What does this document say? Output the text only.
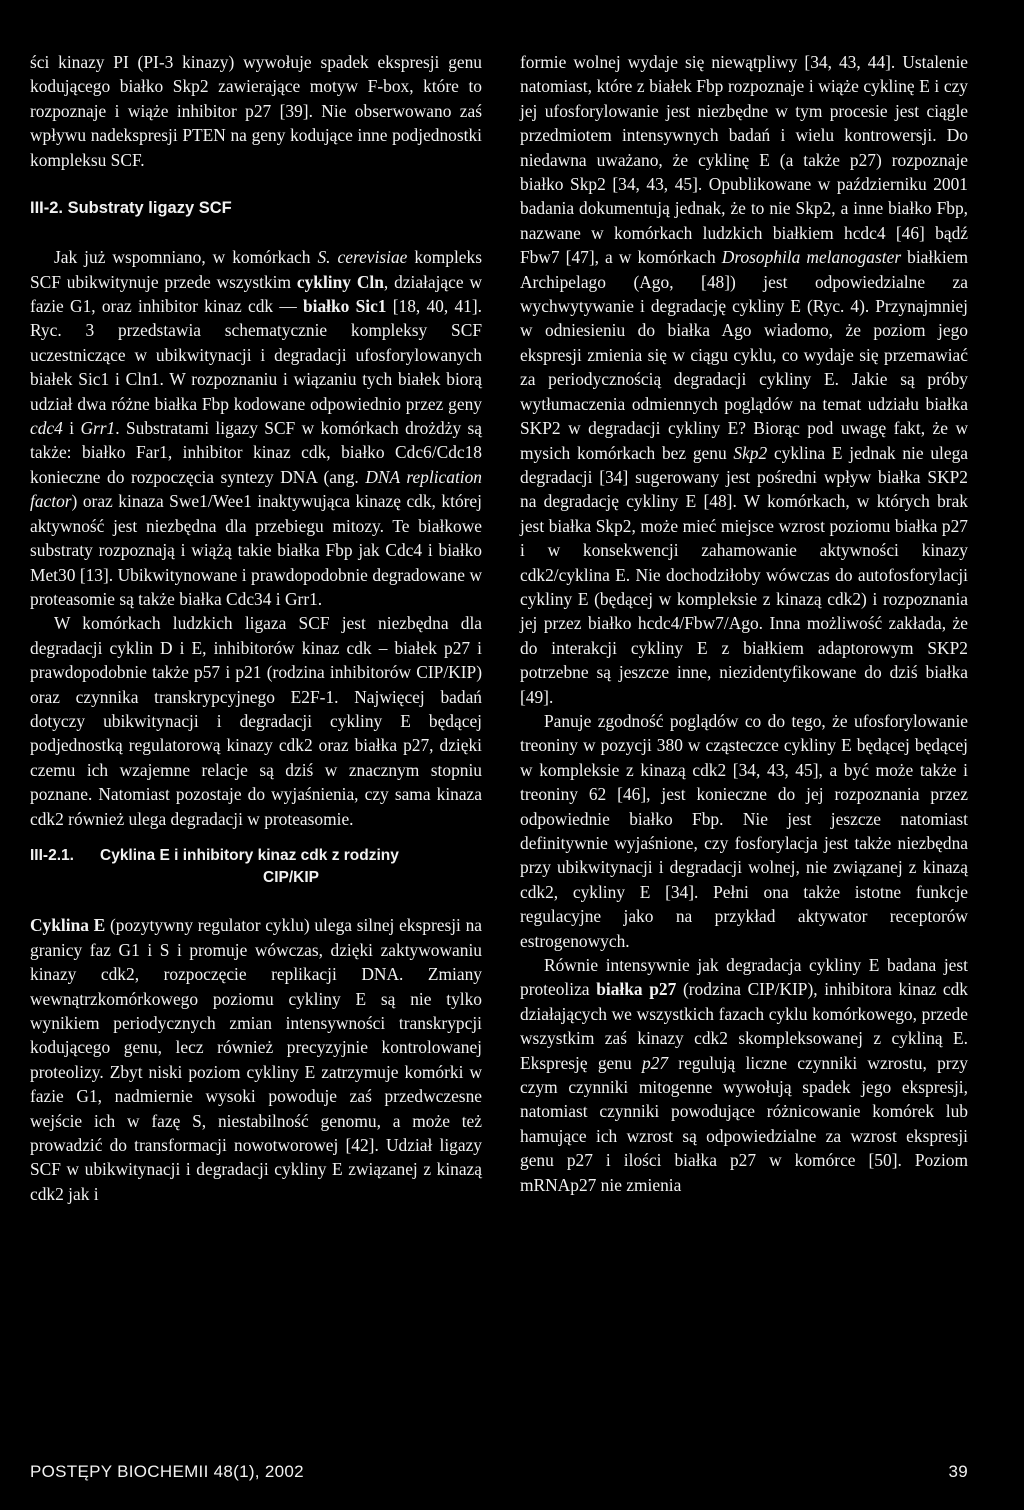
ści kinazy PI (PI-3 kinazy) wywołuje spadek ekspresji genu kodującego białko Skp2 zawierające motyw F-box, które to rozpoznaje i wiąże inhibitor p27 [39]. Nie obserwowano zaś wpływu nadekspresji PTEN na geny kodujące inne podjednostki kompleksu SCF.

III-2. Substraty ligazy SCF

Jak już wspomniano, w komórkach S. cerevisiae kompleks SCF ubikwitynuje przede wszystkim cykliny Cln, działające w fazie G1, oraz inhibitor kinaz cdk — białko Sic1 [18, 40, 41]. Ryc. 3 przedstawia schematycznie kompleksy SCF uczestniczące w ubikwitynacji i degradacji ufosforylowanych białek Sic1 i Cln1. W rozpoznaniu i wiązaniu tych białek biorą udział dwa różne białka Fbp kodowane odpowiednio przez geny cdc4 i Grr1. Substratami ligazy SCF w komórkach drożdży są także: białko Far1, inhibitor kinaz cdk, białko Cdc6/Cdc18 konieczne do rozpoczęcia syntezy DNA (ang. DNA replication factor) oraz kinaza Swe1/Wee1 inaktywująca kinazę cdk, której aktywność jest niezbędna dla przebiegu mitozy. Te białkowe substraty rozpoznają i wiążą takie białka Fbp jak Cdc4 i białko Met30 [13]. Ubikwitynowane i prawdopodobnie degradowane w proteasomie są także białka Cdc34 i Grr1.

W komórkach ludzkich ligaza SCF jest niezbędna dla degradacji cyklin D i E, inhibitorów kinaz cdk – białek p27 i prawdopodobnie także p57 i p21 (rodzina inhibitorów CIP/KIP) oraz czynnika transkrypcyjnego E2F-1. Najwięcej badań dotyczy ubikwitynacji i degradacji cykliny E będącej podjednostką regulatorową kinazy cdk2 oraz białka p27, dzięki czemu ich wzajemne relacje są dziś w znacznym stopniu poznane. Natomiast pozostaje do wyjaśnienia, czy sama kinaza cdk2 również ulega degradacji w proteasomie.

III-2.1. Cyklina E i inhibitory kinaz cdk z rodziny
CIP/KIP

Cyklina E (pozytywny regulator cyklu) ulega silnej ekspresji na granicy faz G1 i S i promuje wówczas, dzięki zaktywowaniu kinazy cdk2, rozpoczęcie replikacji DNA. Zmiany wewnątrzkomórkowego poziomu cykliny E są nie tylko wynikiem periodycznych zmian intensywności transkrypcji kodującego genu, lecz również precyzyjnie kontrolowanej proteolizy. Zbyt niski poziom cykliny E zatrzymuje komórki w fazie G1, nadmiernie wysoki powoduje zaś przedwczesne wejście ich w fazę S, niestabilność genomu, a może też prowadzić do transformacji nowotworowej [42]. Udział ligazy SCF w ubikwitynacji i degradacji cykliny E związanej z kinazą cdk2 jak i

formie wolnej wydaje się niewątpliwy [34, 43, 44]. Ustalenie natomiast, które z białek Fbp rozpoznaje i wiąże cyklinę E i czy jej ufosforylowanie jest niezbędne w tym procesie jest ciągle przedmiotem intensywnych badań i wielu kontrowersji. Do niedawna uważano, że cyklinę E (a także p27) rozpoznaje białko Skp2 [34, 43, 45]. Opublikowane w październiku 2001 badania dokumentują jednak, że to nie Skp2, a inne białko Fbp, nazwane w komórkach ludzkich białkiem hcdc4 [46] bądź Fbw7 [47], a w komórkach Drosophila melanogaster białkiem Archipelago (Ago, [48]) jest odpowiedzialne za wychwytywanie i degradację cykliny E (Ryc. 4). Przynajmniej w odniesieniu do białka Ago wiadomo, że poziom jego ekspresji zmienia się w ciągu cyklu, co wydaje się przemawiać za periodycznością degradacji cykliny E. Jakie są próby wytłumaczenia odmiennych poglądów na temat udziału białka SKP2 w degradacji cykliny E? Biorąc pod uwagę fakt, że w mysich komórkach bez genu Skp2 cyklina E jednak nie ulega degradacji [34] sugerowany jest pośredni wpływ białka SKP2 na degradację cykliny E [48]. W komórkach, w których brak jest białka Skp2, może mieć miejsce wzrost poziomu białka p27 i w konsekwencji zahamowanie aktywności kinazy cdk2/cyklina E. Nie dochodziłoby wówczas do autofosforylacji cykliny E (będącej w kompleksie z kinazą cdk2) i rozpoznania jej przez białko hcdc4/Fbw7/Ago. Inna możliwość zakłada, że do interakcji cykliny E z białkiem adaptorowym SKP2 potrzebne są jeszcze inne, niezidentyfikowane do dziś białka [49].

Panuje zgodność poglądów co do tego, że ufosforylowanie treoniny w pozycji 380 w cząsteczce cykliny E będącej będącej w kompleksie z kinazą cdk2 [34, 43, 45], a być może także i treoniny 62 [46], jest konieczne do jej rozpoznania przez odpowiednie białko Fbp. Nie jest jeszcze natomiast definitywnie wyjaśnione, czy fosforylacja jest także niezbędna przy ubikwitynacji i degradacji wolnej, nie związanej z kinazą cdk2, cykliny E [34]. Pełni ona także istotne funkcje regulacyjne jako na przykład aktywator receptorów estrogenowych.

Równie intensywnie jak degradacja cykliny E badana jest proteoliza białka p27 (rodzina CIP/KIP), inhibitora kinaz cdk działających we wszystkich fazach cyklu komórkowego, przede wszystkim zaś kinazy cdk2 skompleksowanej z cykliną E. Ekspresję genu p27 regulują liczne czynniki wzrostu, przy czym czynniki mitogenne wywołują spadek jego ekspresji, natomiast czynniki powodujące różnicowanie komórek lub hamujące ich wzrost są odpowiedzialne za wzrost ekspresji genu p27 i ilości białka p27 w komórce [50]. Poziom mRNAp27 nie zmienia

POSTĘPY BIOCHEMII 48(1), 2002	39
